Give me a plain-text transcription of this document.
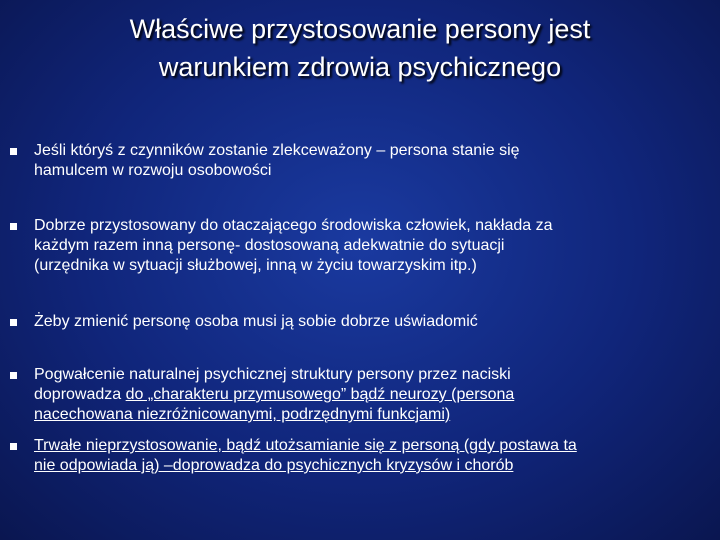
Właściwe przystosowanie persony jest
warunkiem zdrowia psychicznego
Jeśli któryś z czynników zostanie zlekceważony – persona stanie się
hamulcem w rozwoju osobowości
Dobrze przystosowany do otaczającego środowiska człowiek, nakłada za
każdym razem inną personę- dostosowaną adekwatnie do sytuacji
(urzędnika w sytuacji służbowej, inną w życiu towarzyskim itp.)
Żeby zmienić personę osoba musi ją sobie dobrze uświadomić
Pogwałcenie naturalnej psychicznej struktury persony przez naciski
doprowadza do „charakteru przymusowego” bądź neurozy (persona
nacechowana niezróżnicowanymi, podrzędnymi funkcjami)
Trwałe nieprzystosowanie, bądź utożsamianie się z personą (gdy postawa ta
nie odpowiada ją) –doprowadza do psychicznych kryzysów i chorób
